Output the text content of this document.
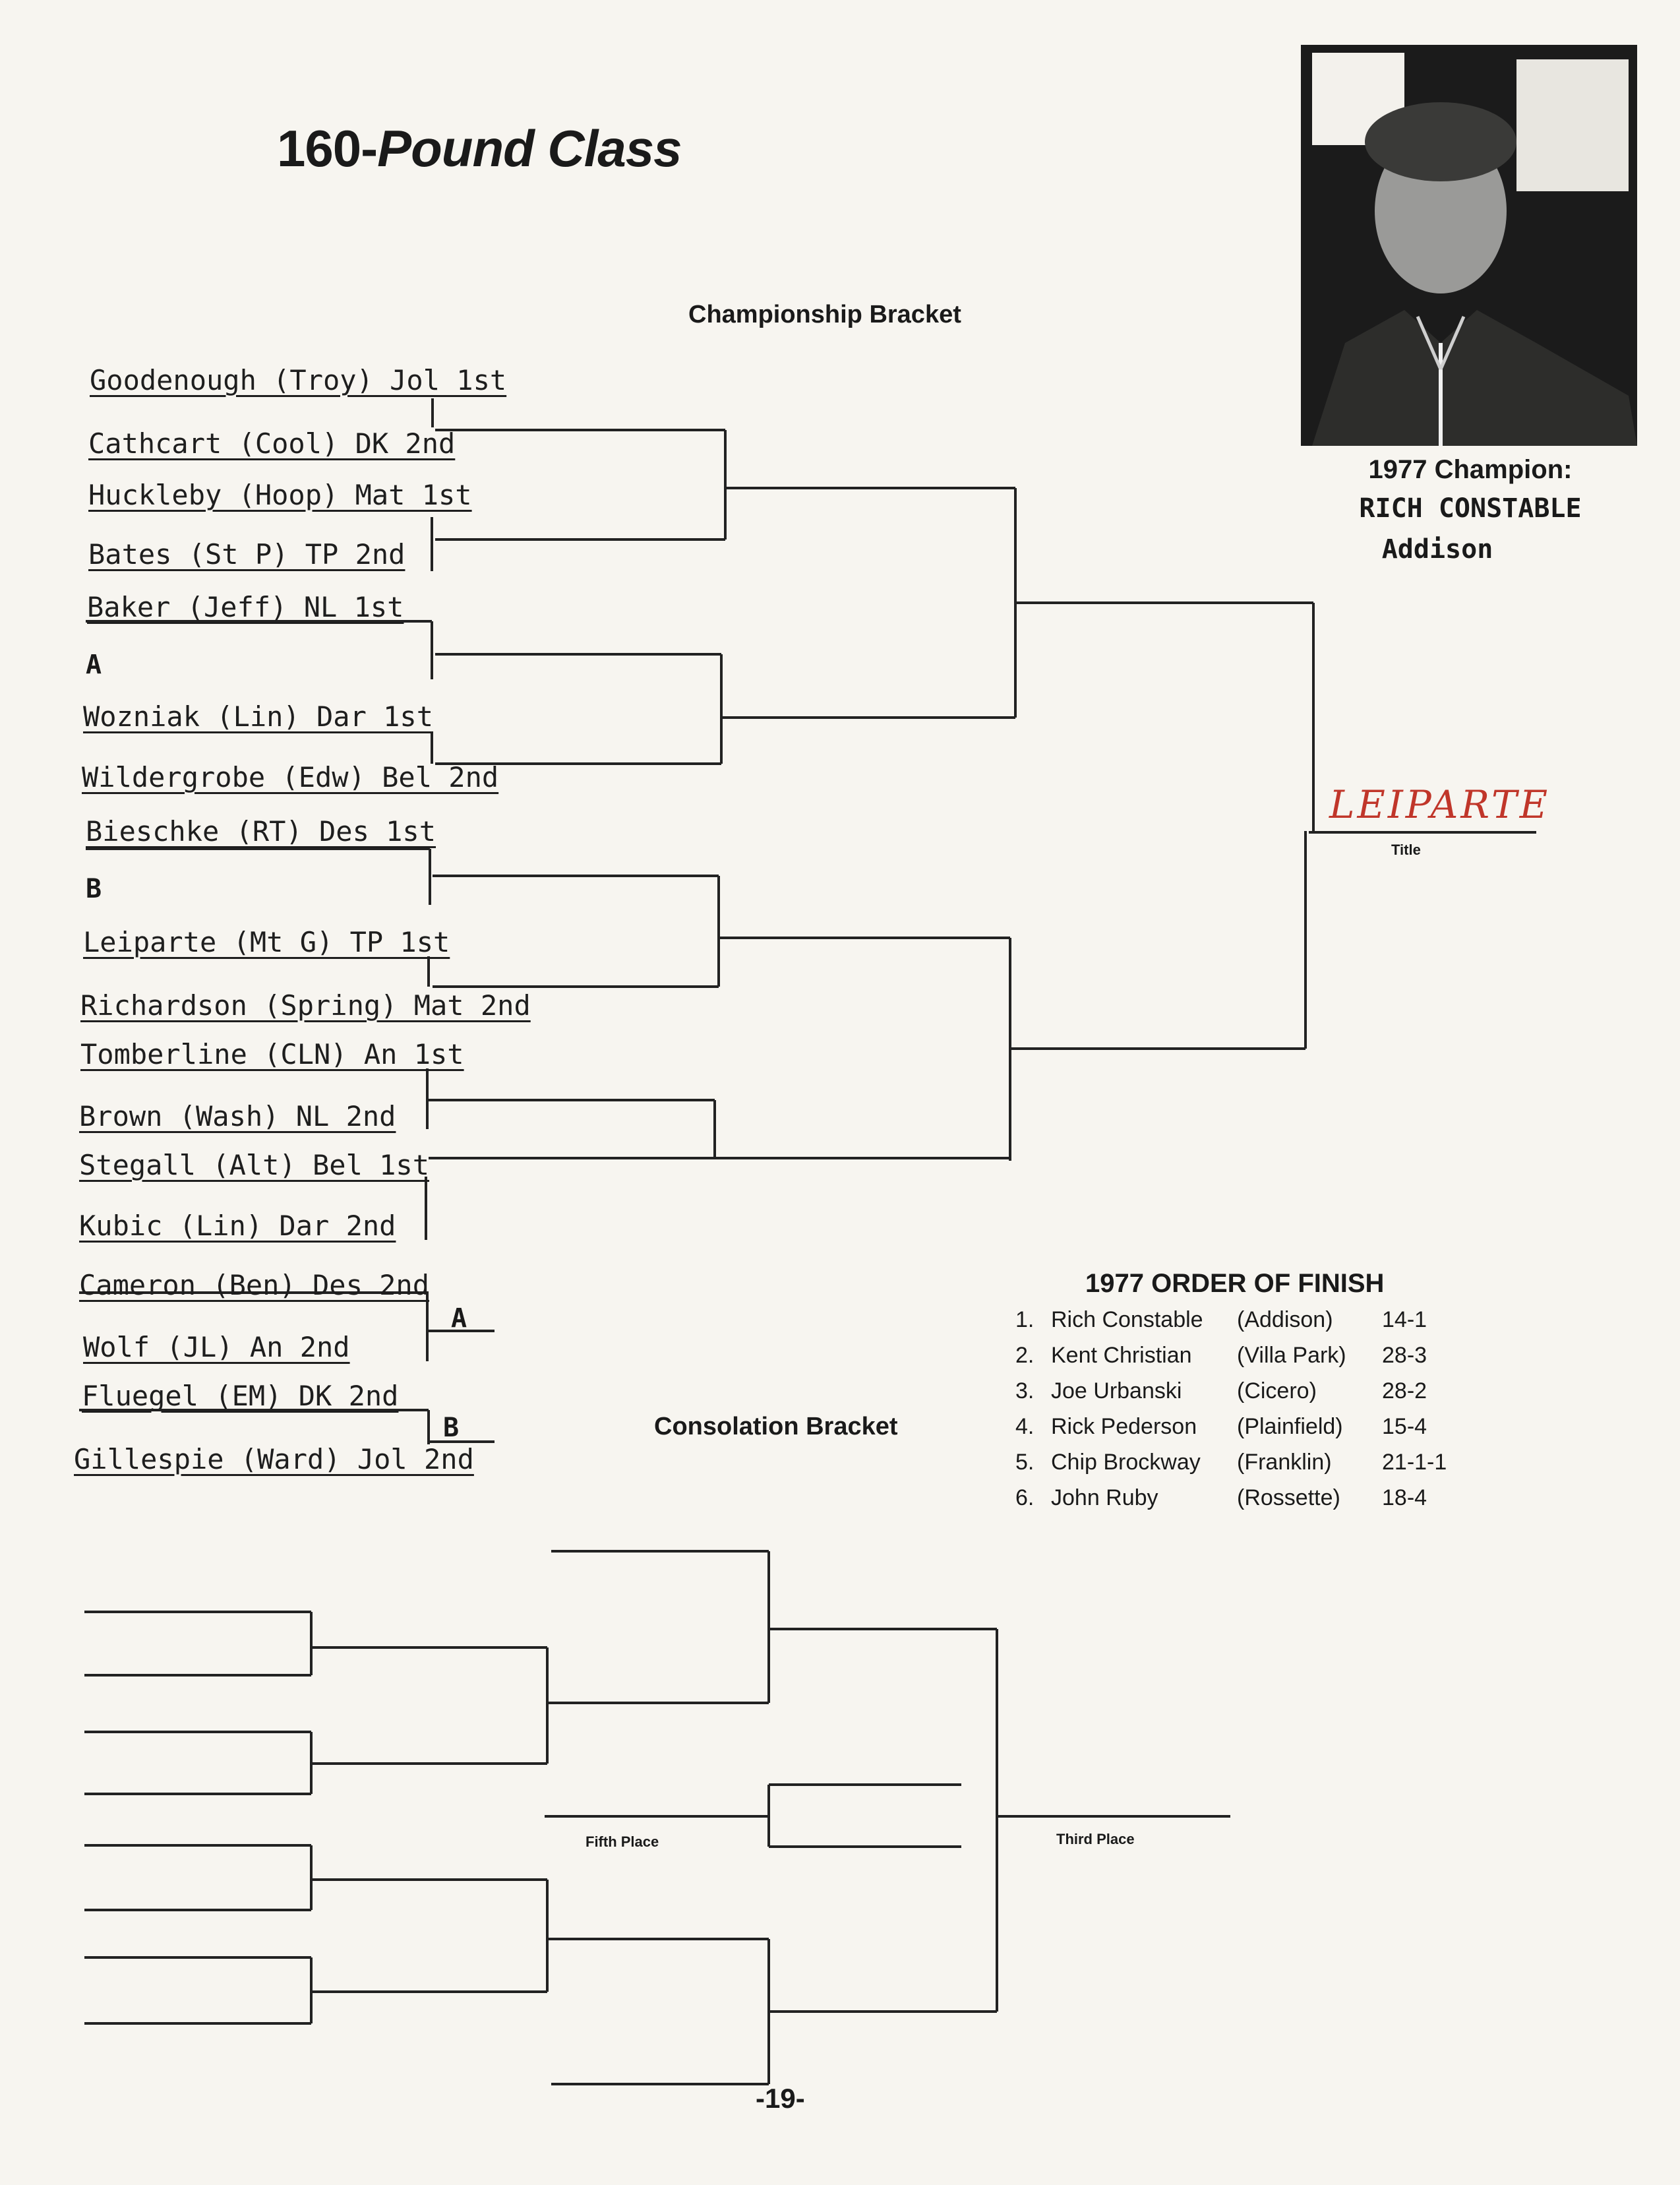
160-Pound Class
Championship Bracket
Goodenough (Troy) Jol 1st
Cathcart (Cool) DK 2nd
Huckleby (Hoop) Mat 1st
Bates (St P) TP 2nd
Baker (Jeff) NL 1st
A
Wozniak (Lin) Dar 1st
Wildergrobe (Edw) Bel 2nd
Bieschke (RT) Des 1st
B
Leiparte (Mt G) TP 1st
Richardson (Spring) Mat 2nd
Tomberline (CLN) An 1st
Brown (Wash) NL 2nd
Stegall (Alt) Bel 1st
Kubic (Lin) Dar 2nd
Cameron (Ben) Des 2nd
Wolf (JL) An 2nd
Fluegel (EM) DK 2nd
Gillespie (Ward) Jol 2nd
A
B
LEIPARTE
Title
1977 Champion:
RICH CONSTABLE
Addison
1977 ORDER OF FINISH
1. Rich Constable (Addison) 14-1
2. Kent Christian (Villa Park) 28-3
3. Joe Urbanski (Cicero)	28-2
4. Rick Pederson (Plainfield) 15-4
5. Chip Brockway (Franklin) 21-1-1
6. John Ruby	(Rossette) 18-4
Consolation Bracket
Fifth Place	Third Place
-19-
